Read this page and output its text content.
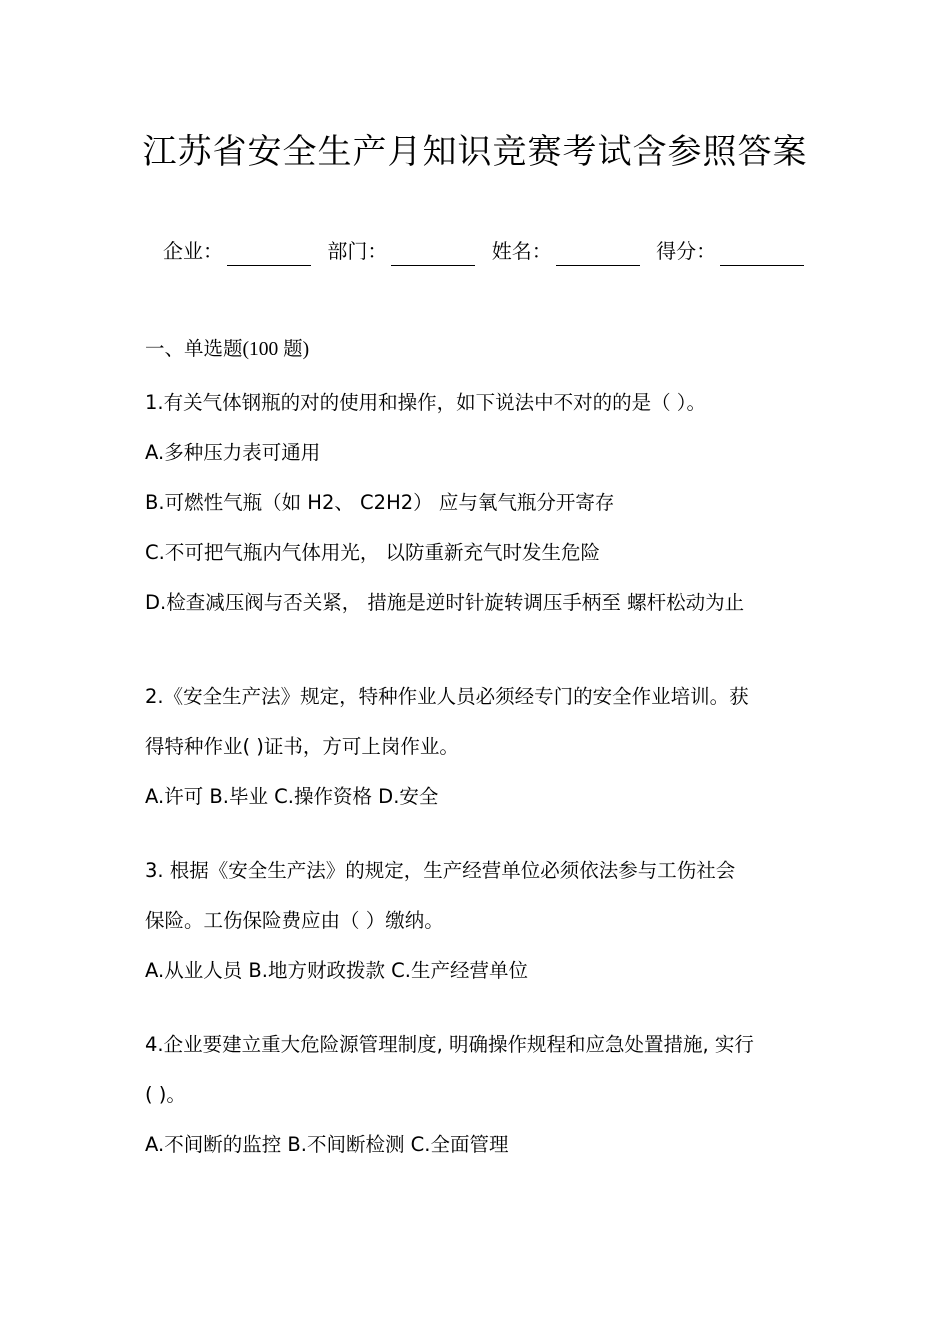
江苏省安全生产月知识竞赛考试含参照答案
企业：	部门：	姓名：	得分：

一、单选题(100 题)

1.有关气体钢瓶的对的使用和操作，如下说法中不对的的是（ ）。

A.多种压力表可通用

B.可燃性气瓶（如 H2、 C2H2） 应与氧气瓶分开寄存

C.不可把气瓶内气体用光， 以防重新充气时发生危险

D.检查减压阀与否关紧， 措施是逆时针旋转调压手柄至 螺杆松动为止

2.《安全生产法》规定，特种作业人员必须经专门的安全作业培训。获

得特种作业( )证书，方可上岗作业。

A.许可 B.毕业 C.操作资格 D.安全

3. 根据《安全生产法》的规定，生产经营单位必须依法参与工伤社会

保险。工伤保险费应由（ ）缴纳。

A.从业人员 B.地方财政拨款 C.生产经营单位

4.企业要建立重大危险源管理制度, 明确操作规程和应急处置措施, 实行

( )。

A.不间断的监控 B.不间断检测 C.全面管理
